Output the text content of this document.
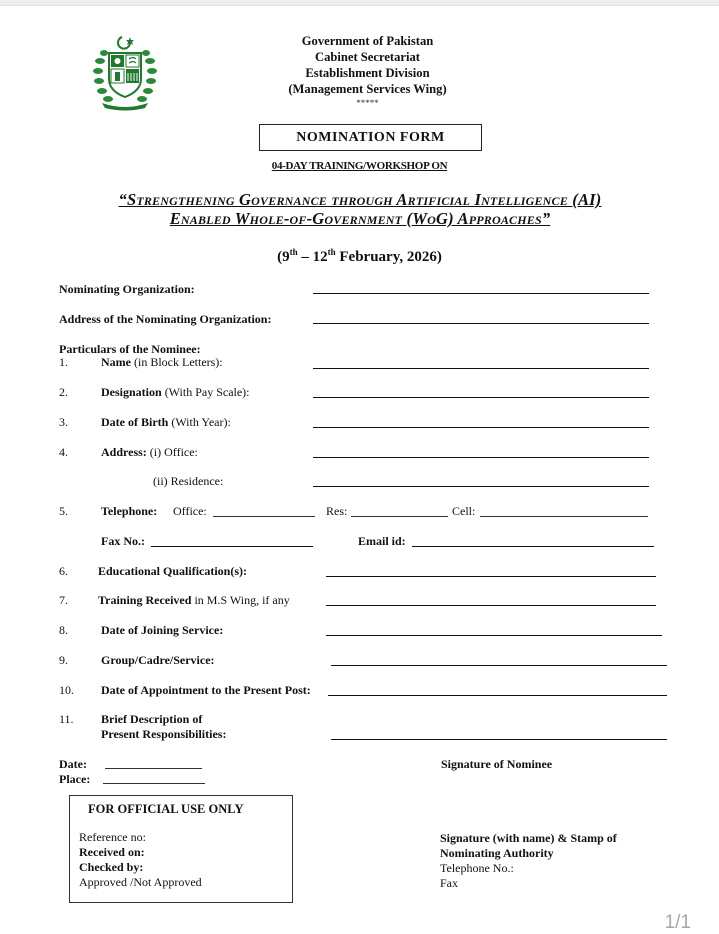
Government of Pakistan
Cabinet Secretariat
Establishment Division
(Management Services Wing)
*****
NOMINATION FORM
04-DAY TRAINING/WORKSHOP ON
“Strengthening Governance through Artificial Intelligence (AI)
Enabled Whole-of-Government (WoG) Approaches”
(9th – 12th February, 2026)
Nominating Organization:
Address of the Nominating Organization:
Particulars of the Nominee:
1.	Name (in Block Letters):
2.	Designation (With Pay Scale):
3.	Date of Birth (With Year):
4.	Address: (i) Office:
(ii) Residence:
5.	Telephone: Office:	Res:	Cell:
Fax No.:	Email id:
6.	Educational Qualification(s):
7.	Training Received in M.S Wing, if any
8.	Date of Joining Service:
9.	Group/Cadre/Service:
10. Date of Appointment to the Present Post:
11. Brief Description of
Present Responsibilities:
Date:
Place:
Signature of Nominee
FOR OFFICIAL USE ONLY
Reference no:
Received on:
Checked by:
Approved /Not Approved
Signature (with name) & Stamp of
Nominating Authority
Telephone No.:
Fax
1/1
